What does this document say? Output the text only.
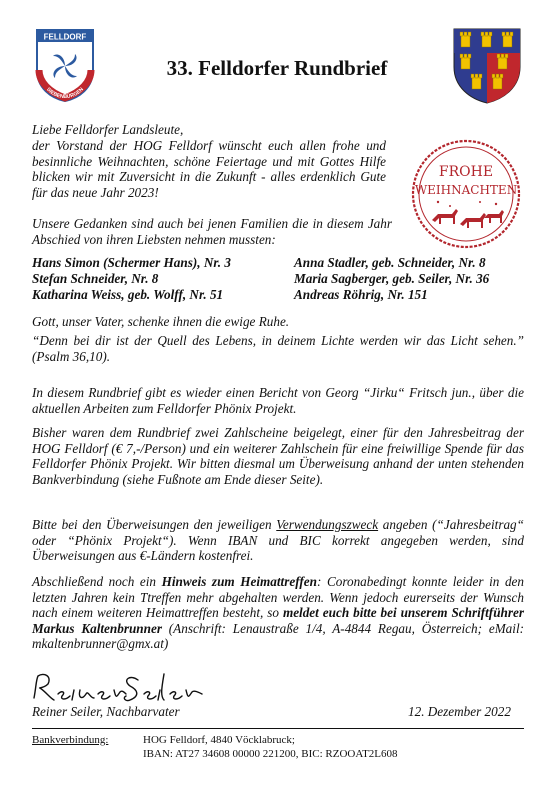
FELLDORF
SIEBENBÜRGEN
33. Felldorfer Rundbrief
FROHE
WEIHNACHTEN
Liebe Felldorfer Landsleute,
der Vorstand der HOG Felldorf wünscht euch allen frohe und besinnliche Weihnachten, schöne Feiertage und mit Gottes Hilfe blicken wir mit Zuversicht in die Zukunft - alles erdenklich Gute für das neue Jahr 2023!
Unsere Gedanken sind auch bei jenen Familien die in diesem Jahr Abschied von ihren Liebsten nehmen mussten:
Hans Simon (Schermer Hans), Nr. 3	Anna Stadler, geb. Schneider, Nr. 8
Stefan Schneider, Nr. 8	Maria Sagberger, geb. Seiler, Nr. 36
Katharina Weiss, geb. Wolff, Nr. 51	Andreas Röhrig, Nr. 151
Gott, unser Vater, schenke ihnen die ewige Ruhe.
“Denn bei dir ist der Quell des Lebens, in deinem Lichte werden wir das Licht sehen.” (Psalm 36,10).
In diesem Rundbrief gibt es wieder einen Bericht von Georg “Jirku“ Fritsch jun., über die aktuellen Arbeiten zum Felldorfer Phönix Projekt.
Bisher waren dem Rundbrief zwei Zahlscheine beigelegt, einer für den Jahresbeitrag der HOG Felldorf (€ 7,-/Person) und ein weiterer Zahlschein für eine freiwillige Spende für das Felldorfer Phönix Projekt. Wir bitten diesmal um Überweisung anhand der unten stehenden Bankverbindung (siehe Fußnote am Ende dieser Seite).
Bitte bei den Überweisungen den jeweiligen Verwendungszweck angeben (“Jahresbeitrag“ oder “Phönix Projekt“). Wenn IBAN und BIC korrekt angegeben werden, sind Überweisungen aus €-Ländern kostenfrei.
Abschließend noch ein Hinweis zum Heimattreffen: Coronabedingt konnte leider in den letzten Jahren kein Ttreffen mehr abgehalten werden. Wenn jedoch eurerseits der Wunsch nach einem weiteren Heimattreffen besteht, so meldet euch bitte bei unserem Schriftführer Markus Kaltenbrunner (Anschrift: Lenaustraße 1/4, A-4844 Regau, Österreich; eMail: mkaltenbrunner@gmx.at)
Reiner Seiler, Nachbarvater	12. Dezember 2022
Bankverbindung:	HOG Felldorf, 4840 Vöcklabruck;
IBAN: AT27 34608 00000 221200, BIC: RZOOAT2L608
